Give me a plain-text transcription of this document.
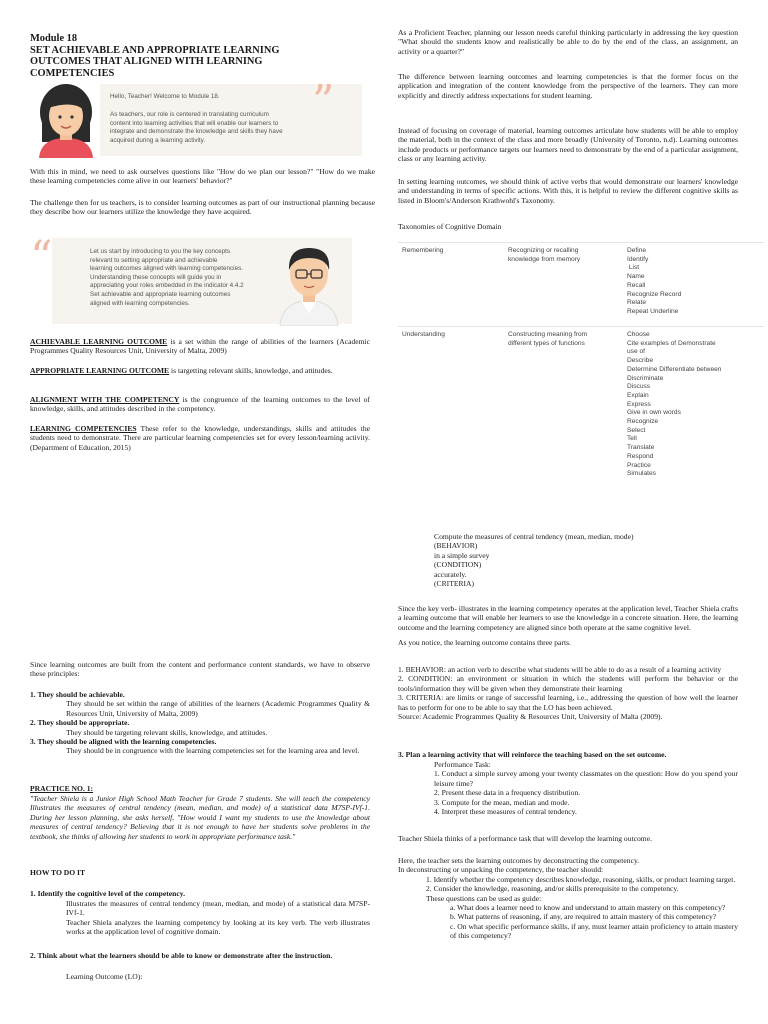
Module 18
SET ACHIEVABLE AND APPROPRIATE LEARNING
OUTCOMES THAT ALIGNED WITH LEARNING
COMPETENCIES
Hello, Teacher! Welcome to Module 18.
As teachers, our role is centered in translating curriculum
content into learning activities that will enable our learners to
integrate and demonstrate the knowledge and skills they have
acquired during a learning activity.
”

With this in mind, we need to ask ourselves questions like "How do we plan our lesson?" "How do we make these learning competencies come alive in our learners' behavior?"

The challenge then for us teachers, is to consider learning outcomes as part of our instructional planning because they describe how our learners utilize the knowledge they have acquired.

Let us start by introducing to you the key concepts
relevant to setting appropriate and achievable
learning outcomes aligned with learning competencies.
Understanding these concepts will guide you in
appreciating your roles embedded in the indicator 4.4.2
Set achievable and appropriate learning outcomes
aligned with learning competencies.
“

ACHIEVABLE LEARNING OUTCOME is a set within the range of abilities of the learners (Academic Programmes Quality Resources Unit, University of Malta, 2009)

APPROPRIATE LEARNING OUTCOME is targetting relevant skills, knowledge, and attitudes.

ALIGNMENT WITH THE COMPETENCY is the congruence of the learning outcomes to the level of knowledge, skills, and attitudes described in the competency.

LEARNING COMPETENCIES These refer to the knowledge, understandings, skills and attitudes the students need to demonstrate. There are particular learning competencies set for every lesson/learning activity. (Department of Education, 2015)

As a Proficient Teacher, planning our lesson needs careful thinking particularly in addressing the key question "What should the students know and realistically be able to do by the end of the class, an assignment, an activity or a quarter?"

The difference between learning outcomes and learning competencies is that the former focus on the application and integration of the content knowledge from the perspective of the learners. They can more explicitly and directly address expectations for student learning.

Instead of focusing on coverage of material, learning outcomes articulate how students will be able to employ the material, both in the context of the class and more broadly (University of Toronto, n.d). Learning outcomes include products or performance targets our learners need to demonstrate by the end of a particular assignment, class or any learning activity.

In setting learning outcomes, we should think of active verbs that would demonstrate our learners' knowledge and understanding in terms of specific actions. With this, it is helpful to review the different cognitive skills as listed in Bloom's/Anderson Krathwohl's Taxonomy.

Taxonomies of Cognitive Domain

Remembering	Recognizing or recalling
knowledge from memory
Define
Identify
List
Name
Recall
Recognize Record
Relate
Repeat Underline
Understanding	Constructing meaning from
different types of functions
Choose
Cite examples of Demonstrate
use of
Describe
Determine Differentiate between
Discriminate
Discuss
Explain
Express
Give in own words
Recognize
Select
Tell
Translate
Respond
Practice
Simulates

Since learning outcomes are built from the content and performance content standards, we have to observe these principles:

1. They should be achievable.

They should be set within the range of abilities of the learners (Academic Programmes Quality & Resources Unit, University of Malta, 2009)

2. They should be appropriate.

They should be targeting relevant skills, knowledge, and attitudes.

3. They should be aligned with the learning competencies.

They should be in congruence with the learning competencies set for the learning area and level.

PRACTICE NO. 1:

"Teacher Shiela is a Junior High School Math Teacher for Grade 7 students. She will teach the competency Illustrates the measures of central tendency (mean, median, and mode) of a statistical data M7SP-IVf-1. During her lesson planning, she asks herself, "How would I want my students to use the knowledge about measures of central tendency? Believing that it is not enough to have her students solve problems in the textbook, she thinks of allowing her students to work in appropriate performance task."

HOW TO DO IT

1. Identify the cognitive level of the competency.

Illustrates the measures of central tendency (mean, median, and mode) of a statistical data M7SP-IVf-1.

Teacher Shiela analyzes the learning competency by looking at its key verb. The verb illustrates works at the application level of cognitive domain.

2. Think about what the learners should be able to know or demonstrate after the instruction.

Learning Outcome (LO):

Compute the measures of central tendency (mean, median, mode)

(BEHAVIOR)

in a simple survey

(CONDITION)

accurately.

(CRITERIA)

Since the key verb- illustrates in the learning competency operates at the application level, Teacher Shiela crafts a learning outcome that will enable her learners to use the knowledge in a concrete situation. Here, the learning outcome and the learning competency are aligned since both operate at the same cognitive level.

As you notice, the learning outcome contains three parts.

1. BEHAVIOR: an action verb to describe what students will be able to do as a result of a learning activity

2. CONDITION: an environment or situation in which the students will perform the behavior or the tools/information they will be given when they demonstrate their learning

3. CRITERIA: are limits or range of successful learning, i.e., addressing the question of how well the learner has to perform for one to be able to say that the LO has been achieved.

Source: Academic Programmes Quality & Resources Unit, University of Malta (2009).

3. Plan a learning activity that will reinforce the teaching based on the set outcome.

Performance Task:

1. Conduct a simple survey among your twenty classmates on the question: How do you spend your leisure time?

2. Present these data in a frequency distribution.

3. Compute for the mean, median and mode.

4. Interpret these measures of central tendency.

Teacher Shiela thinks of a performance task that will develop the learning outcome.

Here, the teacher sets the learning outcomes by deconstructing the competency.

In deconstructing or unpacking the competency, the teacher should:

1. Identify whether the competency describes knowledge, reasoning, skills, or product learning target.

2. Consider the knowledge, reasoning, and/or skills prerequisite to the competency.

These questions can be used as guide:

a. What does a learner need to know and understand to attain mastery on this competency?

b. What patterns of reasoning, if any, are required to attain mastery of this competency?

c. On what specific performance skills, if any, must learner attain proficiency to attain mastery of this competency?
